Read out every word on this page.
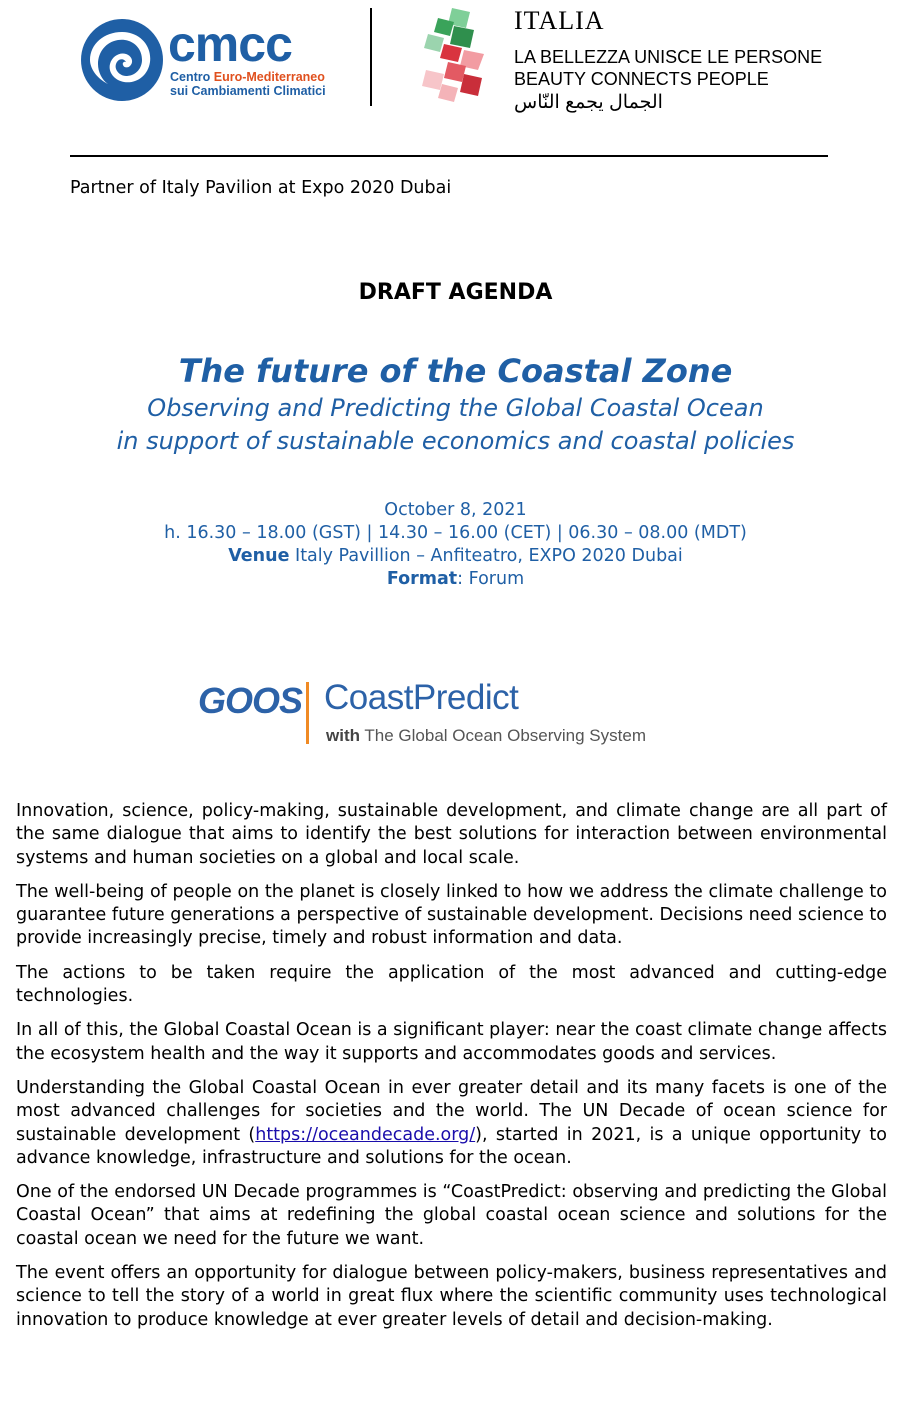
cmcc
Centro Euro-Mediterraneo
sui Cambiamenti Climatici
ITALIA
LA BELLEZZA UNISCE LE PERSONE
BEAUTY CONNECTS PEOPLE
الجمال يجمع النّاس
Partner of Italy Pavilion at Expo 2020 Dubai
DRAFT AGENDA
The future of the Coastal Zone
Observing and Predicting the Global Coastal Ocean
in support of sustainable economics and coastal policies
October 8, 2021
h. 16.30 – 18.00 (GST) | 14.30 – 16.00 (CET) | 06.30 – 08.00 (MDT)
Venue Italy Pavillion – Anfiteatro, EXPO 2020 Dubai
Format: Forum
GOOS CoastPredict
with The Global Ocean Observing System

Innovation, science, policy-making, sustainable development, and climate change are all part of the same dialogue that aims to identify the best solutions for interaction between environmental systems and human societies on a global and local scale.

The well-being of people on the planet is closely linked to how we address the climate challenge to guarantee future generations a perspective of sustainable development. Decisions need science to provide increasingly precise, timely and robust information and data.

The actions to be taken require the application of the most advanced and cutting-edge technologies.

In all of this, the Global Coastal Ocean is a significant player: near the coast climate change affects the ecosystem health and the way it supports and accommodates goods and services.

Understanding the Global Coastal Ocean in ever greater detail and its many facets is one of the most advanced challenges for societies and the world. The UN Decade of ocean science for sustainable development (https://oceandecade.org/), started in 2021, is a unique opportunity to advance knowledge, infrastructure and solutions for the ocean.

One of the endorsed UN Decade programmes is “CoastPredict: observing and predicting the Global Coastal Ocean” that aims at redefining the global coastal ocean science and solutions for the coastal ocean we need for the future we want.

The event offers an opportunity for dialogue between policy-makers, business representatives and science to tell the story of a world in great flux where the scientific community uses technological innovation to produce knowledge at ever greater levels of detail and decision-making.
